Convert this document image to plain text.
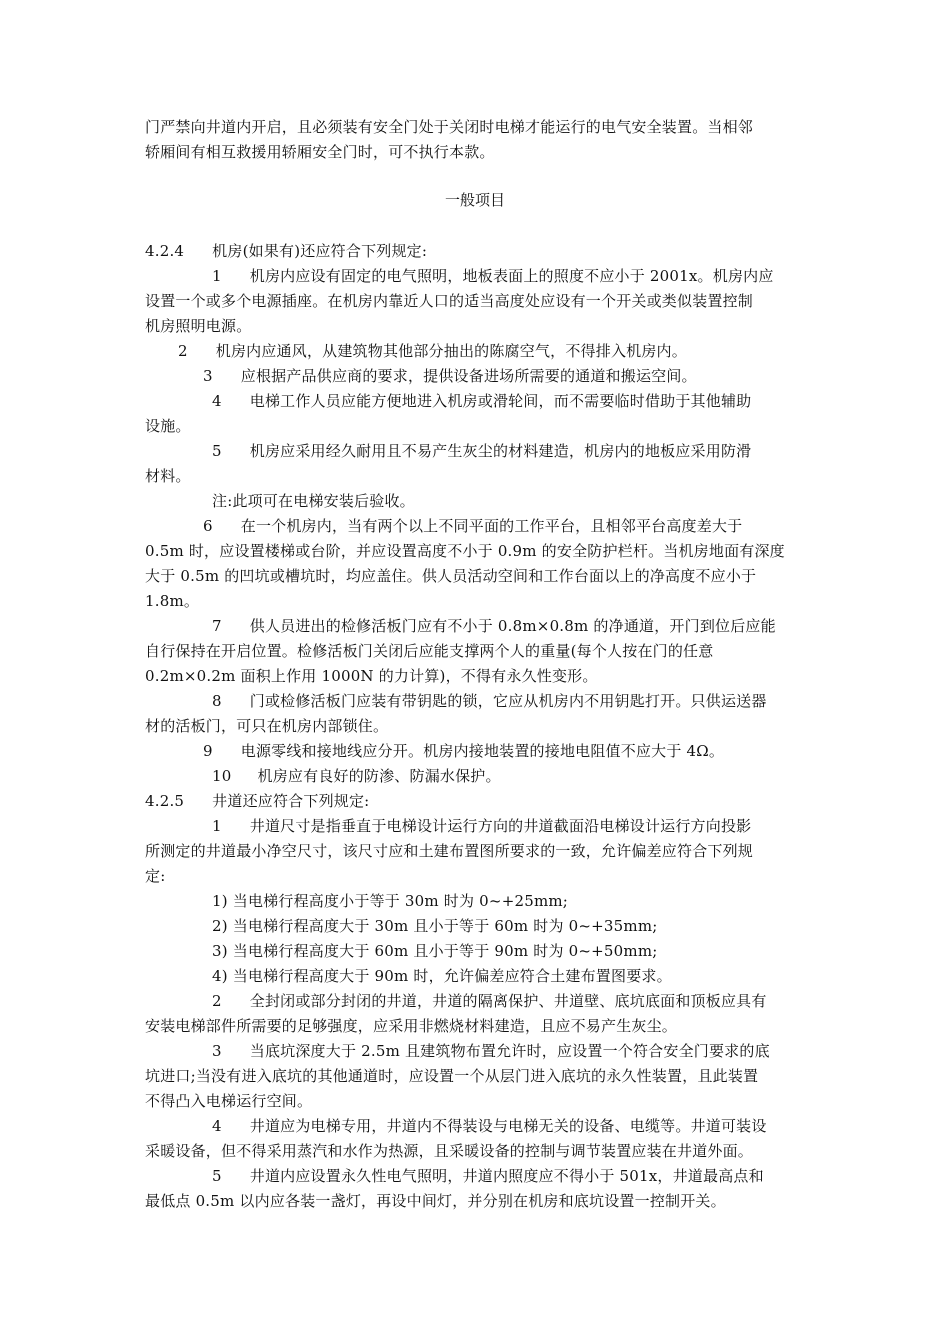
门严禁向井道内开启，且必须装有安全门处于关闭时电梯才能运行的电气安全装置。当相邻
轿厢间有相互救援用轿厢安全门时，可不执行本款。
一般项目
4.2.4 机房(如果有)还应符合下列规定:
1 机房内应设有固定的电气照明，地板表面上的照度不应小于 2001x。机房内应
设置一个或多个电源插座。在机房内靠近人口的适当高度处应设有一个开关或类似装置控制
机房照明电源。
2 机房内应通风，从建筑物其他部分抽出的陈腐空气，不得排入机房内。
3 应根据产品供应商的要求，提供设备进场所需要的通道和搬运空间。
4 电梯工作人员应能方便地进入机房或滑轮间，而不需要临时借助于其他辅助
设施。
5 机房应采用经久耐用且不易产生灰尘的材料建造，机房内的地板应采用防滑
材料。
注:此项可在电梯安装后验收。
6 在一个机房内，当有两个以上不同平面的工作平台，且相邻平台高度差大于
0.5m 时，应设置楼梯或台阶，并应设置高度不小于 0.9m 的安全防护栏杆。当机房地面有深度
大于 0.5m 的凹坑或槽坑时，均应盖住。供人员活动空间和工作台面以上的净高度不应小于
1.8m。
7 供人员进出的检修活板门应有不小于 0.8m×0.8m 的净通道，开门到位后应能
自行保持在开启位置。检修活板门关闭后应能支撑两个人的重量(每个人按在门的任意
0.2m×0.2m 面积上作用 1000N 的力计算)，不得有永久性变形。
8 门或检修活板门应装有带钥匙的锁，它应从机房内不用钥匙打开。只供运送器
材的活板门，可只在机房内部锁住。
9 电源零线和接地线应分开。机房内接地装置的接地电阻值不应大于 4Ω。
10 机房应有良好的防渗、防漏水保护。
4.2.5 井道还应符合下列规定:
1 井道尺寸是指垂直于电梯设计运行方向的井道截面沿电梯设计运行方向投影
所测定的井道最小净空尺寸，该尺寸应和土建布置图所要求的一致，允许偏差应符合下列规
定:
1) 当电梯行程高度小于等于 30m 时为 0~+25mm;
2) 当电梯行程高度大于 30m 且小于等于 60m 时为 0~+35mm;
3) 当电梯行程高度大于 60m 且小于等于 90m 时为 0~+50mm;
4) 当电梯行程高度大于 90m 时，允许偏差应符合土建布置图要求。
2 全封闭或部分封闭的井道，井道的隔离保护、井道壁、底坑底面和顶板应具有
安装电梯部件所需要的足够强度，应采用非燃烧材料建造，且应不易产生灰尘。
3 当底坑深度大于 2.5m 且建筑物布置允许时，应设置一个符合安全门要求的底
坑进口;当没有进入底坑的其他通道时，应设置一个从层门进入底坑的永久性装置，且此装置
不得凸入电梯运行空间。
4 井道应为电梯专用，井道内不得装设与电梯无关的设备、电缆等。井道可装设
采暖设备，但不得采用蒸汽和水作为热源，且采暖设备的控制与调节装置应装在井道外面。
5 井道内应设置永久性电气照明，井道内照度应不得小于 501x，井道最高点和
最低点 0.5m 以内应各装一盏灯，再设中间灯，并分别在机房和底坑设置一控制开关。
